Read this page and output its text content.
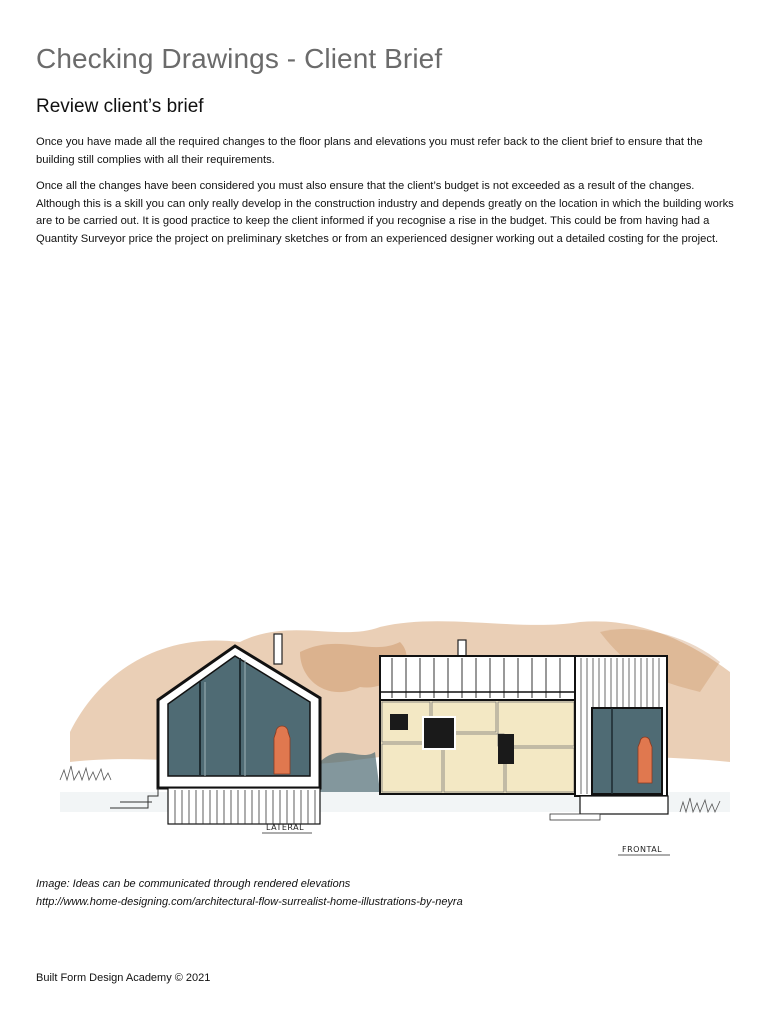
Checking Drawings - Client Brief
Review client’s brief

Once you have made all the required changes to the floor plans and elevations you must refer back to the client brief to ensure that the building still complies with all their requirements.

Once all the changes have been considered you must also ensure that the client’s budget is not exceeded as a result of the changes. Although this is a skill you can only really develop in the construction industry and depends greatly on the location in which the building works are to be carried out. It is good practice to keep the client informed if you recognise a rise in the budget. This could be from having had a Quantity Surveyor price the project on preliminary sketches or from an experienced designer working out a detailed costing for the project.

LATERAL
FRONTAL

Image: Ideas can be communicated through rendered elevations
http://www.home-designing.com/architectural-flow-surrealist-home-illustrations-by-neyra

Built Form Design Academy © 2021
